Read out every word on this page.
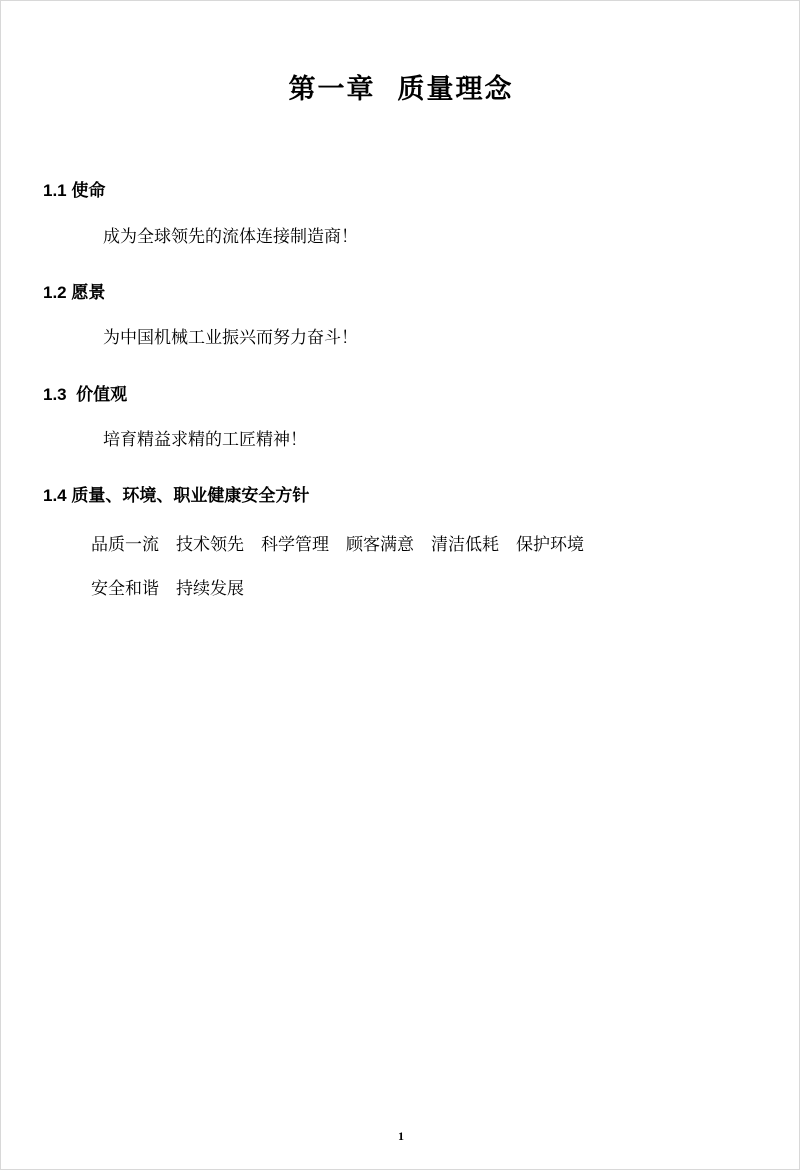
第一章 质量理念
1.1 使命
成为全球领先的流体连接制造商！
1.2 愿景
为中国机械工业振兴而努力奋斗！
1.3  价值观
培育精益求精的工匠精神！
1.4 质量、环境、职业健康安全方针
品质一流    技术领先    科学管理    顾客满意    清洁低耗    保护环境
安全和谐    持续发展
1
